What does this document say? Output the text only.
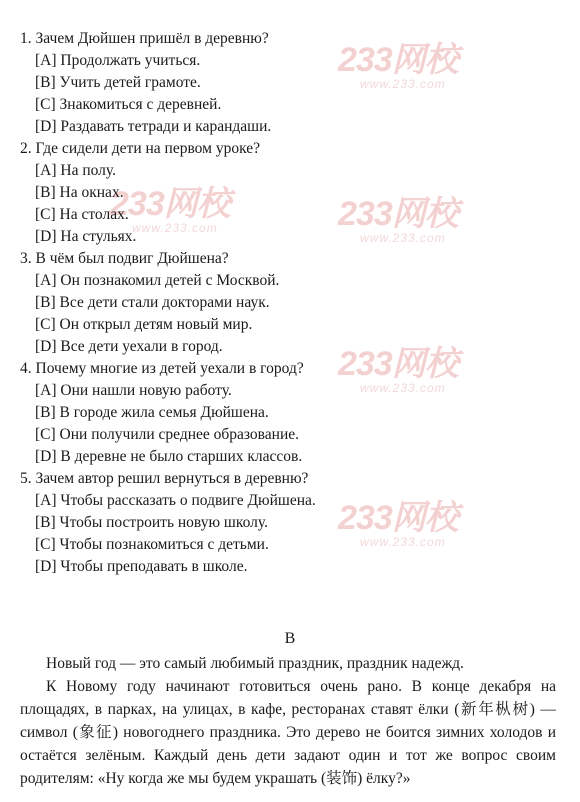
233网校
www.233.com
233网校
www.233.com	233网校
www.233.com
233网校
www.233.com
233网校
www.233.com
1. Зачем Дюйшен пришёл в деревню?
[A] Продолжать учиться.
[B] Учить детей грамоте.
[C] Знакомиться с деревней.
[D] Раздавать тетради и карандаши.
2. Где сидели дети на первом уроке?
[A] На полу.
[B] На окнах.
[C] На столах.
[D] На стульях.
3. В чём был подвиг Дюйшена?
[A] Он познакомил детей с Москвой.
[B] Все дети стали докторами наук.
[C] Он открыл детям новый мир.
[D] Все дети уехали в город.
4. Почему многие из детей уехали в город?
[A] Они нашли новую работу.
[B] В городе жила семья Дюйшена.
[C] Они получили среднее образование.
[D] В деревне не было старших классов.
5. Зачем автор решил вернуться в деревню?
[A] Чтобы рассказать о подвиге Дюйшена.
[B] Чтобы построить новую школу.
[C] Чтобы познакомиться с детьми.
[D] Чтобы преподавать в школе.
B

Новый год — это самый любимый праздник, праздник надежд.

К Новому году начинают готовиться очень рано. В конце декабря на площадях, в парках, на улицах, в кафе, ресторанах ставят ёлки (新年枞树) — символ (象征) новогоднего праздника. Это дерево не боится зимних холодов и остаётся зелёным. Каждый день дети задают один и тот же вопрос своим родителям: «Ну когда же мы будем украшать (装饰) ёлку?»
